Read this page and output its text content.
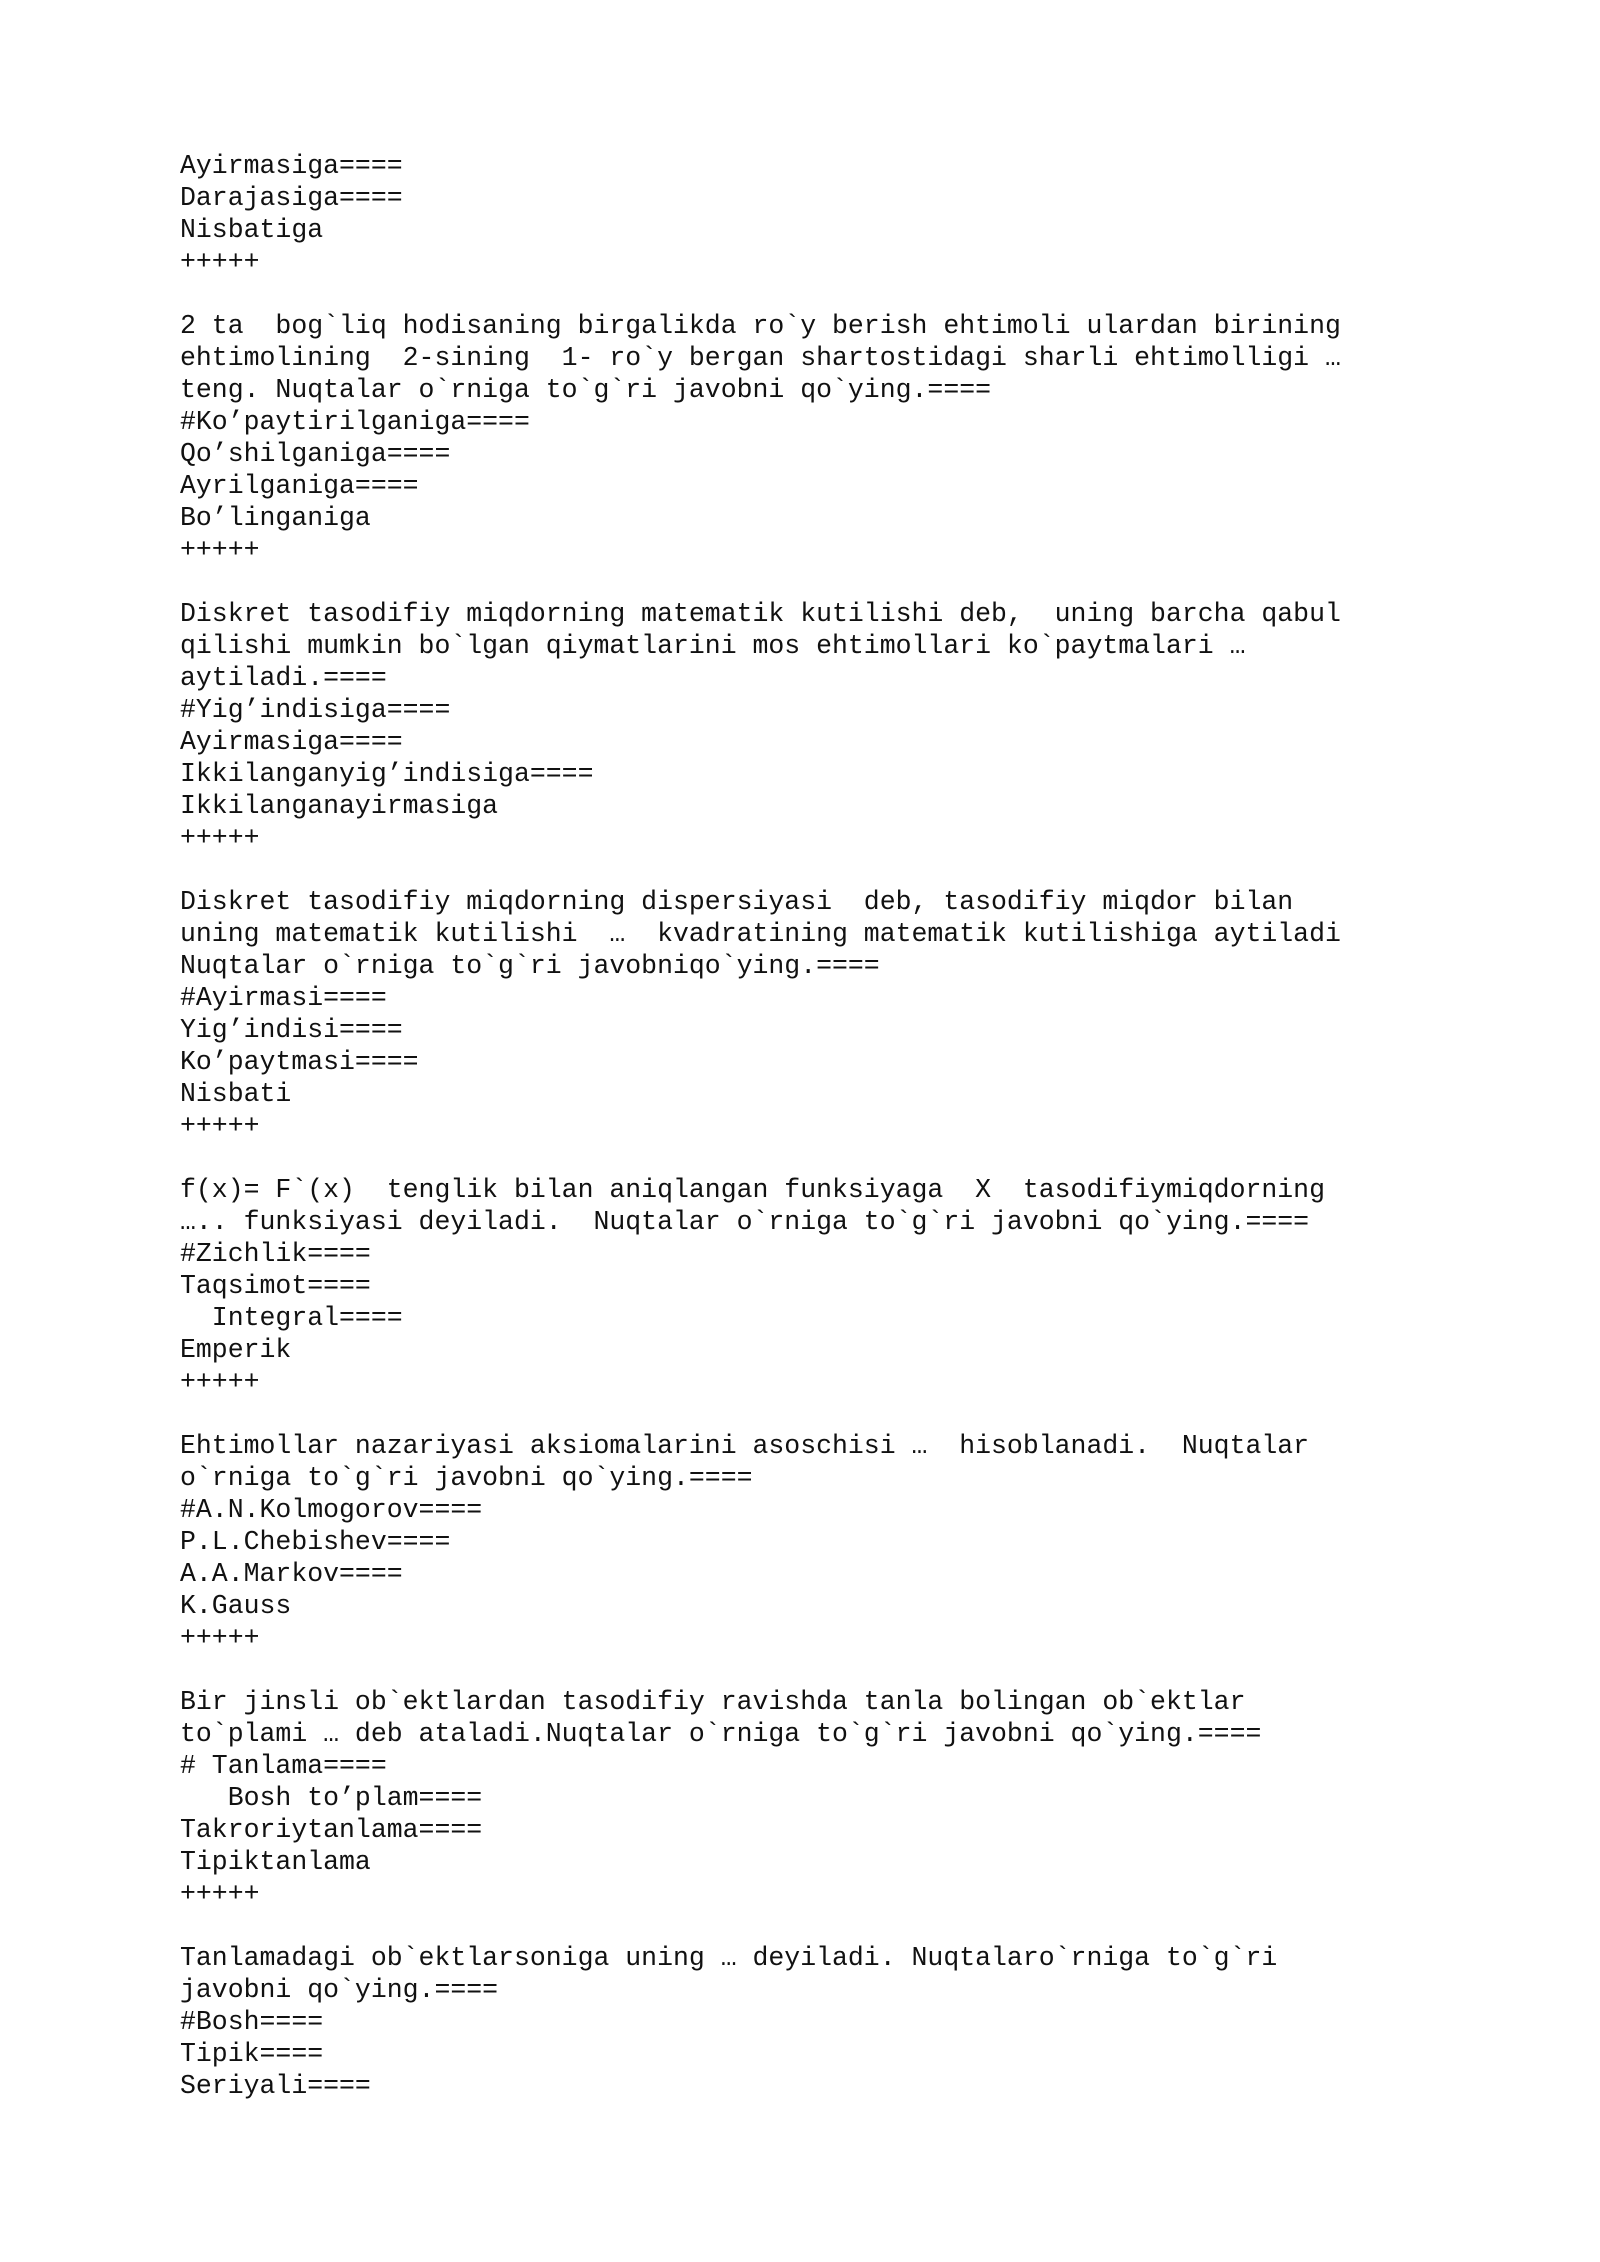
Ayirmasiga====
Darajasiga====
Nisbatiga
+++++
2 ta  bog`liq hodisaning birgalikda ro`y berish ehtimoli ulardan birining
ehtimolining  2-sining  1- ro`y bergan shartostidagi sharli ehtimolligi …
teng. Nuqtalar o`rniga to`g`ri javobni qo`ying.====
#Ko’paytirilganiga====
Qo’shilganiga====
Ayrilganiga====
Bo’linganiga
+++++
Diskret tasodifiy miqdorning matematik kutilishi deb,  uning barcha qabul
qilishi mumkin bo`lgan qiymatlarini mos ehtimollari ko`paytmalari …
aytiladi.====
#Yig’indisiga====
Ayirmasiga====
Ikkilanganyig’indisiga====
Ikkilanganayirmasiga
+++++
Diskret tasodifiy miqdorning dispersiyasi  deb, tasodifiy miqdor bilan
uning matematik kutilishi  …  kvadratining matematik kutilishiga aytiladi
Nuqtalar o`rniga to`g`ri javobniqo`ying.====
#Ayirmasi====
Yig’indisi====
Ko’paytmasi====
Nisbati
+++++
f(x)= F`(x)  tenglik bilan aniqlangan funksiyaga  X  tasodifiymiqdorning
….. funksiyasi deyiladi.  Nuqtalar o`rniga to`g`ri javobni qo`ying.====
#Zichlik====
Taqsimot====
Integral====
Emperik
+++++
Ehtimollar nazariyasi aksiomalarini asoschisi …  hisoblanadi.  Nuqtalar
o`rniga to`g`ri javobni qo`ying.====
#A.N.Kolmogorov====
P.L.Chebishev====
A.A.Markov====
K.Gauss
+++++
Bir jinsli ob`ektlardan tasodifiy ravishda tanla bolingan ob`ektlar
to`plami … deb ataladi.Nuqtalar o`rniga to`g`ri javobni qo`ying.====
# Tanlama====
Bosh to’plam====
Takroriytanlama====
Tipiktanlama
+++++
Tanlamadagi ob`ektlarsoniga uning … deyiladi. Nuqtalaro`rniga to`g`ri
javobni qo`ying.====
#Bosh====
Tipik====
Seriyali====
